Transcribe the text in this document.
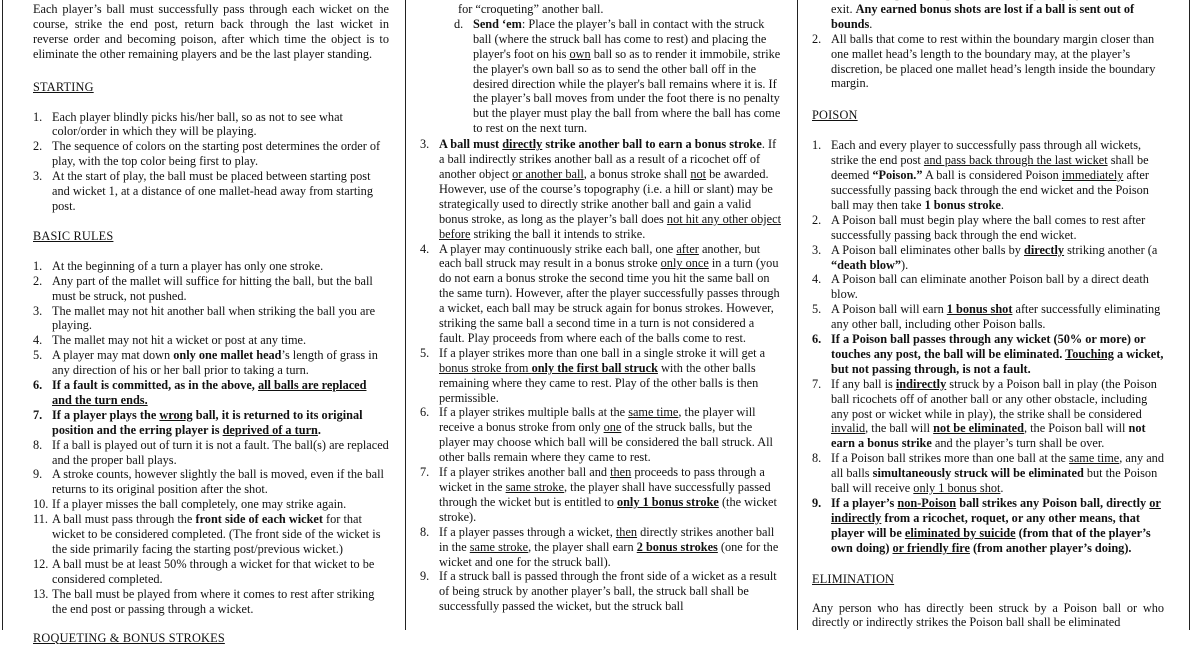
Each player’s ball must successfully pass through each wicket on the course, strike the end post, return back through the last wicket in reverse order and becoming poison, after which time the object is to eliminate the other remaining players and be the last player standing.

STARTING
1. Each player blindly picks his/her ball, so as not to see what color/order in which they will be playing.
2. The sequence of colors on the starting post determines the order of play, with the top color being first to play.
3. At the start of play, the ball must be placed between starting post and wicket 1, at a distance of one mallet-head away from starting post.
BASIC RULES
1. At the beginning of a turn a player has only one stroke.
2. Any part of the mallet will suffice for hitting the ball, but the ball must be struck, not pushed.
3. The mallet may not hit another ball when striking the ball you are playing.
4. The mallet may not hit a wicket or post at any time.
5. A player may mat down only one mallet head’s length of grass in any direction of his or her ball prior to taking a turn.
6. If a fault is committed, as in the above, all balls are replaced and the turn ends.
7. If a player plays the wrong ball, it is returned to its original position and the erring player is deprived of a turn.
8. If a ball is played out of turn it is not a fault. The ball(s) are replaced and the proper ball plays.
9. A stroke counts, however slightly the ball is moved, even if the ball returns to its original position after the shot.
10. If a player misses the ball completely, one may strike again.
11. A ball must pass through the front side of each wicket for that wicket to be considered completed. (The front side of the wicket is the side primarily facing the starting post/previous wicket.)
12. A ball must be at least 50% through a wicket for that wicket to be considered completed.
13. The ball must be played from where it comes to rest after striking the end post or passing through a wicket.
ROQUETING & BONUS STROKES

for “croqueting” another ball.

d. Send ‘em: Place the player’s ball in contact with the struck ball (where the struck ball has come to rest) and placing the player's foot on his own ball so as to render it immobile, strike the player's own ball so as to send the other ball off in the desired direction while the player's ball remains where it is. If the player’s ball moves from under the foot there is no penalty but the player must play the ball from where the ball has come to rest on the next turn.
3. A ball must directly strike another ball to earn a bonus stroke. If a ball indirectly strikes another ball as a result of a ricochet off of another object or another ball, a bonus stroke shall not be awarded. However, use of the course’s topography (i.e. a hill or slant) may be strategically used to directly strike another ball and gain a valid bonus stroke, as long as the player’s ball does not hit any other object before striking the ball it intends to strike.
4. A player may continuously strike each ball, one after another, but each ball struck may result in a bonus stroke only once in a turn (you do not earn a bonus stroke the second time you hit the same ball on the same turn). However, after the player successfully passes through a wicket, each ball may be struck again for bonus strokes. However, striking the same ball a second time in a turn is not considered a fault. Play proceeds from where each of the balls come to rest.
5. If a player strikes more than one ball in a single stroke it will get a bonus stroke from only the first ball struck with the other balls remaining where they came to rest. Play of the other balls is then permissible.
6. If a player strikes multiple balls at the same time, the player will receive a bonus stroke from only one of the struck balls, but the player may choose which ball will be considered the ball struck. All other balls remain where they came to rest.
7. If a player strikes another ball and then proceeds to pass through a wicket in the same stroke, the player shall have successfully passed through the wicket but is entitled to only 1 bonus stroke (the wicket stroke).
8. If a player passes through a wicket, then directly strikes another ball in the same stroke, the player shall earn 2 bonus strokes (one for the wicket and one for the struck ball).
9. If a struck ball is passed through the front side of a wicket as a result of being struck by another player’s ball, the struck ball shall be successfully passed the wicket, but the struck ball
exit. Any earned bonus shots are lost if a ball is sent out of bounds.
2. All balls that come to rest within the boundary margin closer than one mallet head’s length to the boundary may, at the player’s discretion, be placed one mallet head’s length inside the boundary margin.
POISON
1. Each and every player to successfully pass through all wickets, strike the end post and pass back through the last wicket shall be deemed “Poison.” A ball is considered Poison immediately after successfully passing back through the end wicket and the Poison ball may then take 1 bonus stroke.
2. A Poison ball must begin play where the ball comes to rest after successfully passing back through the end wicket.
3. A Poison ball eliminates other balls by directly striking another (a “death blow”).
4. A Poison ball can eliminate another Poison ball by a direct death blow.
5. A Poison ball will earn 1 bonus shot after successfully eliminating any other ball, including other Poison balls.
6. If a Poison ball passes through any wicket (50% or more) or touches any post, the ball will be eliminated. Touching a wicket, but not passing through, is not a fault.
7. If any ball is indirectly struck by a Poison ball in play (the Poison ball ricochets off of another ball or any other obstacle, including any post or wicket while in play), the strike shall be considered invalid, the ball will not be eliminated, the Poison ball will not earn a bonus strike and the player’s turn shall be over.
8. If a Poison ball strikes more than one ball at the same time, any and all balls simultaneously struck will be eliminated but the Poison ball will receive only 1 bonus shot.
9. If a player’s non-Poison ball strikes any Poison ball, directly or indirectly from a ricochet, roquet, or any other means, that player will be eliminated by suicide (from that of the player’s own doing) or friendly fire (from another player’s doing).
ELIMINATION

Any person who has directly been struck by a Poison ball or who directly or indirectly strikes the Poison ball shall be eliminated
